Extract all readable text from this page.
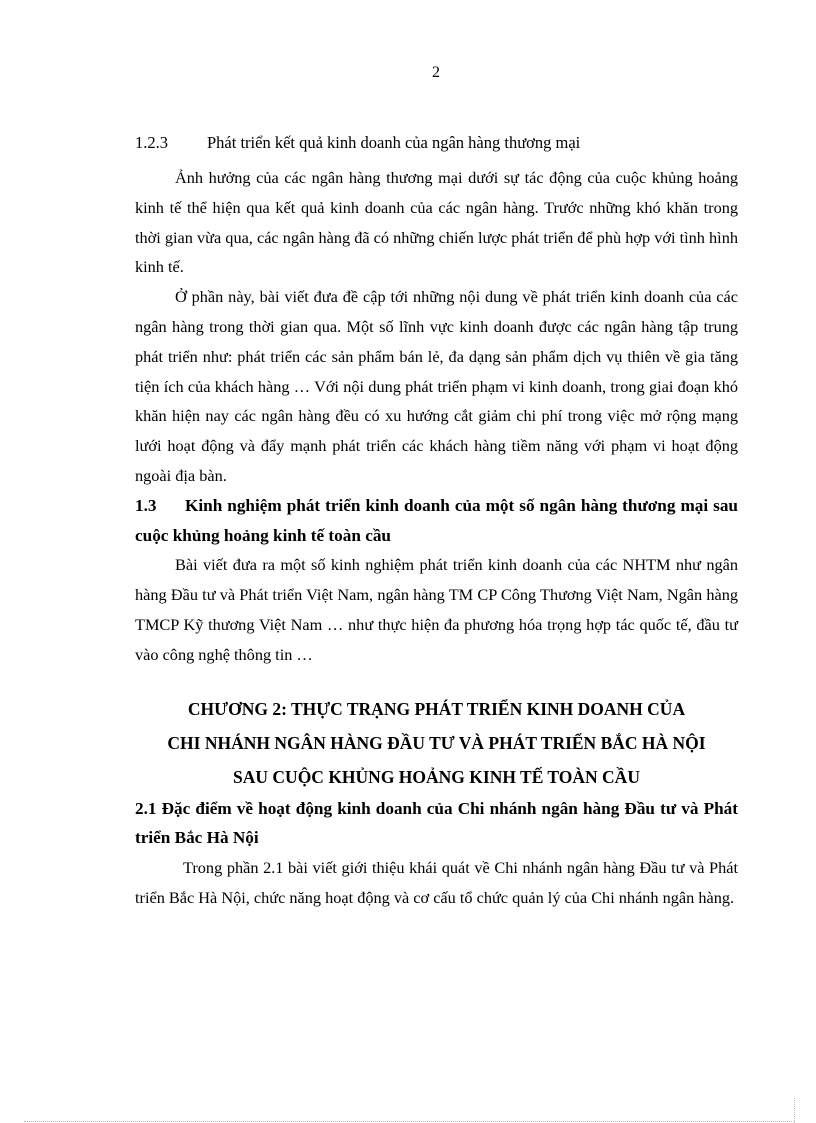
2
1.2.3 Phát triển kết quả kinh doanh của ngân hàng thương mại

Ảnh hưởng của các ngân hàng thương mại dưới sự tác động của cuộc khủng hoảng kinh tế thể hiện qua kết quả kinh doanh của các ngân hàng. Trước những khó khăn trong thời gian vừa qua, các ngân hàng đã có những chiến lược phát triển để phù hợp với tình hình kinh tế.

Ở phần này, bài viết đưa đề cập tới những nội dung về phát triển kinh doanh của các ngân hàng trong thời gian qua. Một số lĩnh vực kinh doanh được các ngân hàng tập trung phát triển như: phát triển các sản phẩm bán lẻ, đa dạng sản phẩm dịch vụ thiên về gia tăng tiện ích của khách hàng … Với nội dung phát triển phạm vi kinh doanh, trong giai đoạn khó khăn hiện nay các ngân hàng đều có xu hướng cắt giảm chi phí trong việc mở rộng mạng lưới hoạt động và đẩy mạnh phát triển các khách hàng tiềm năng với phạm vi hoạt động ngoài địa bàn.

1.3 Kinh nghiệm phát triển kinh doanh của một số ngân hàng thương mại sau cuộc khủng hoảng kinh tế toàn cầu

Bài viết đưa ra một số kinh nghiệm phát triển kinh doanh của các NHTM như ngân hàng Đầu tư và Phát triển Việt Nam, ngân hàng TM CP Công Thương Việt Nam, Ngân hàng TMCP Kỹ thương Việt Nam … như thực hiện đa phương hóa trọng hợp tác quốc tế, đầu tư vào công nghệ thông tin …

CHƯƠNG 2: THỰC TRẠNG PHÁT TRIỂN KINH DOANH CỦA
CHI NHÁNH NGÂN HÀNG ĐẦU TƯ VÀ PHÁT TRIỂN BẮC HÀ NỘI
SAU CUỘC KHỦNG HOẢNG KINH TẾ TOÀN CẦU
2.1 Đặc điểm về hoạt động kinh doanh của Chi nhánh ngân hàng Đầu tư và Phát triển Bắc Hà Nội

Trong phần 2.1 bài viết giới thiệu khái quát về Chi nhánh ngân hàng Đầu tư và Phát triển Bắc Hà Nội, chức năng hoạt động và cơ cấu tổ chức quản lý của Chi nhánh ngân hàng.
